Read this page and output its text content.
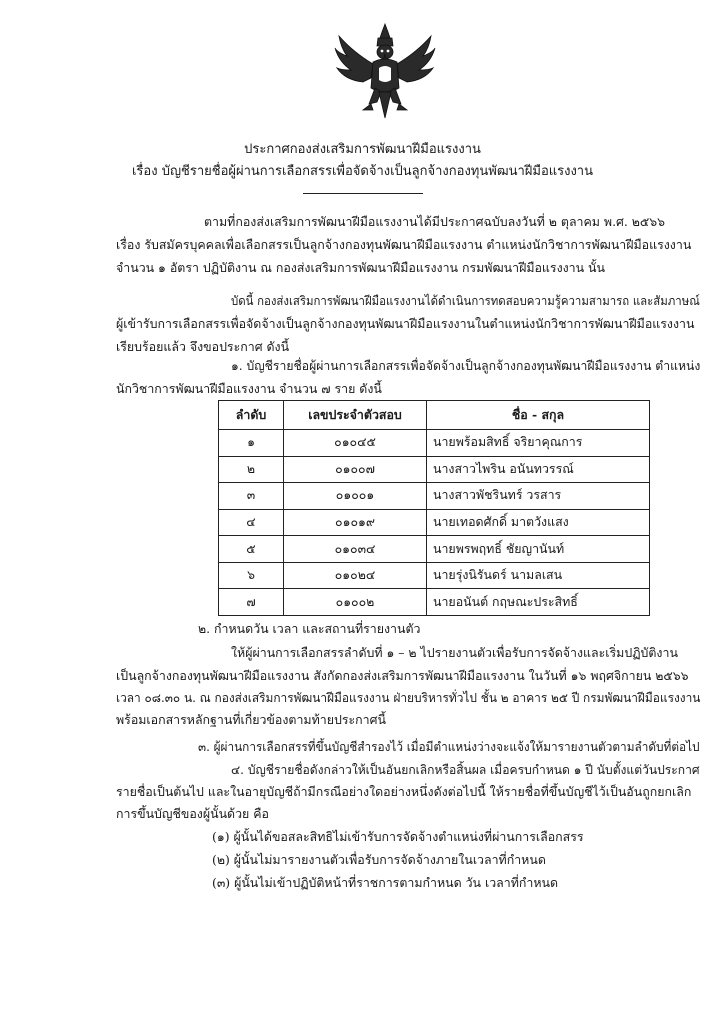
ประกาศกองส่งเสริมการพัฒนาฝีมือแรงงาน
เรื่อง บัญชีรายชื่อผู้ผ่านการเลือกสรรเพื่อจัดจ้างเป็นลูกจ้างกองทุนพัฒนาฝีมือแรงงาน
ตามที่กองส่งเสริมการพัฒนาฝีมือแรงงานได้มีประกาศฉบับลงวันที่ ๒ ตุลาคม พ.ศ. ๒๕๖๖
เรื่อง รับสมัครบุคคลเพื่อเลือกสรรเป็นลูกจ้างกองทุนพัฒนาฝีมือแรงงาน ตำแหน่งนักวิชาการพัฒนาฝีมือแรงงาน
จำนวน ๑ อัตรา ปฏิบัติงาน ณ กองส่งเสริมการพัฒนาฝีมือแรงงาน กรมพัฒนาฝีมือแรงงาน นั้น
บัดนี้ กองส่งเสริมการพัฒนาฝีมือแรงงานได้ดำเนินการทดสอบความรู้ความสามารถ และสัมภาษณ์
ผู้เข้ารับการเลือกสรรเพื่อจัดจ้างเป็นลูกจ้างกองทุนพัฒนาฝีมือแรงงานในตำแหน่งนักวิชาการพัฒนาฝีมือแรงงาน
เรียบร้อยแล้ว จึงขอประกาศ ดังนี้
๑. บัญชีรายชื่อผู้ผ่านการเลือกสรรเพื่อจัดจ้างเป็นลูกจ้างกองทุนพัฒนาฝีมือแรงงาน ตำแหน่ง
นักวิชาการพัฒนาฝีมือแรงงาน จำนวน ๗ ราย ดังนี้
ลำดับ	เลขประจำตัวสอบ	ชื่อ - สกุล
๑	๐๑๐๔๕	นายพร้อมสิทธิ์ จริยาคุณการ
๒	๐๑๐๐๗	นางสาวไพริน อนันทวรรณ์
๓	๐๑๐๐๑	นางสาวพัชรินทร์ วรสาร
๔	๐๑๐๑๙	นายเทอดศักดิ์ มาตวังแสง
๕	๐๑๐๓๔	นายพรพฤทธิ์ ชัยญานันท์
๖	๐๑๐๒๔	นายรุ่งนิรันดร์ นามลเสน
๗	๐๑๐๐๒	นายอนันต์ กฤษณะประสิทธิ์
๒. กำหนดวัน เวลา และสถานที่รายงานตัว
ให้ผู้ผ่านการเลือกสรรลำดับที่ ๑ – ๒ ไปรายงานตัวเพื่อรับการจัดจ้างและเริ่มปฏิบัติงาน
เป็นลูกจ้างกองทุนพัฒนาฝีมือแรงงาน สังกัดกองส่งเสริมการพัฒนาฝีมือแรงงาน ในวันที่ ๑๖ พฤศจิกายน ๒๕๖๖
เวลา ๐๘.๓๐ น. ณ กองส่งเสริมการพัฒนาฝีมือแรงงาน ฝ่ายบริหารทั่วไป ชั้น ๒ อาคาร ๒๕ ปี กรมพัฒนาฝีมือแรงงาน
พร้อมเอกสารหลักฐานที่เกี่ยวข้องตามท้ายประกาศนี้
๓. ผู้ผ่านการเลือกสรรที่ขึ้นบัญชีสำรองไว้ เมื่อมีตำแหน่งว่างจะแจ้งให้มารายงานตัวตามลำดับที่ต่อไป
๔. บัญชีรายชื่อดังกล่าวให้เป็นอันยกเลิกหรือสิ้นผล เมื่อครบกำหนด ๑ ปี นับตั้งแต่วันประกาศ
รายชื่อเป็นต้นไป และในอายุบัญชีถ้ามีกรณีอย่างใดอย่างหนึ่งดังต่อไปนี้ ให้รายชื่อที่ขึ้นบัญชีไว้เป็นอันถูกยกเลิก
การขึ้นบัญชีของผู้นั้นด้วย คือ
(๑) ผู้นั้นได้ขอสละสิทธิไม่เข้ารับการจัดจ้างตำแหน่งที่ผ่านการเลือกสรร
(๒) ผู้นั้นไม่มารายงานตัวเพื่อรับการจัดจ้างภายในเวลาที่กำหนด
(๓) ผู้นั้นไม่เข้าปฏิบัติหน้าที่ราชการตามกำหนด วัน เวลาที่กำหนด
